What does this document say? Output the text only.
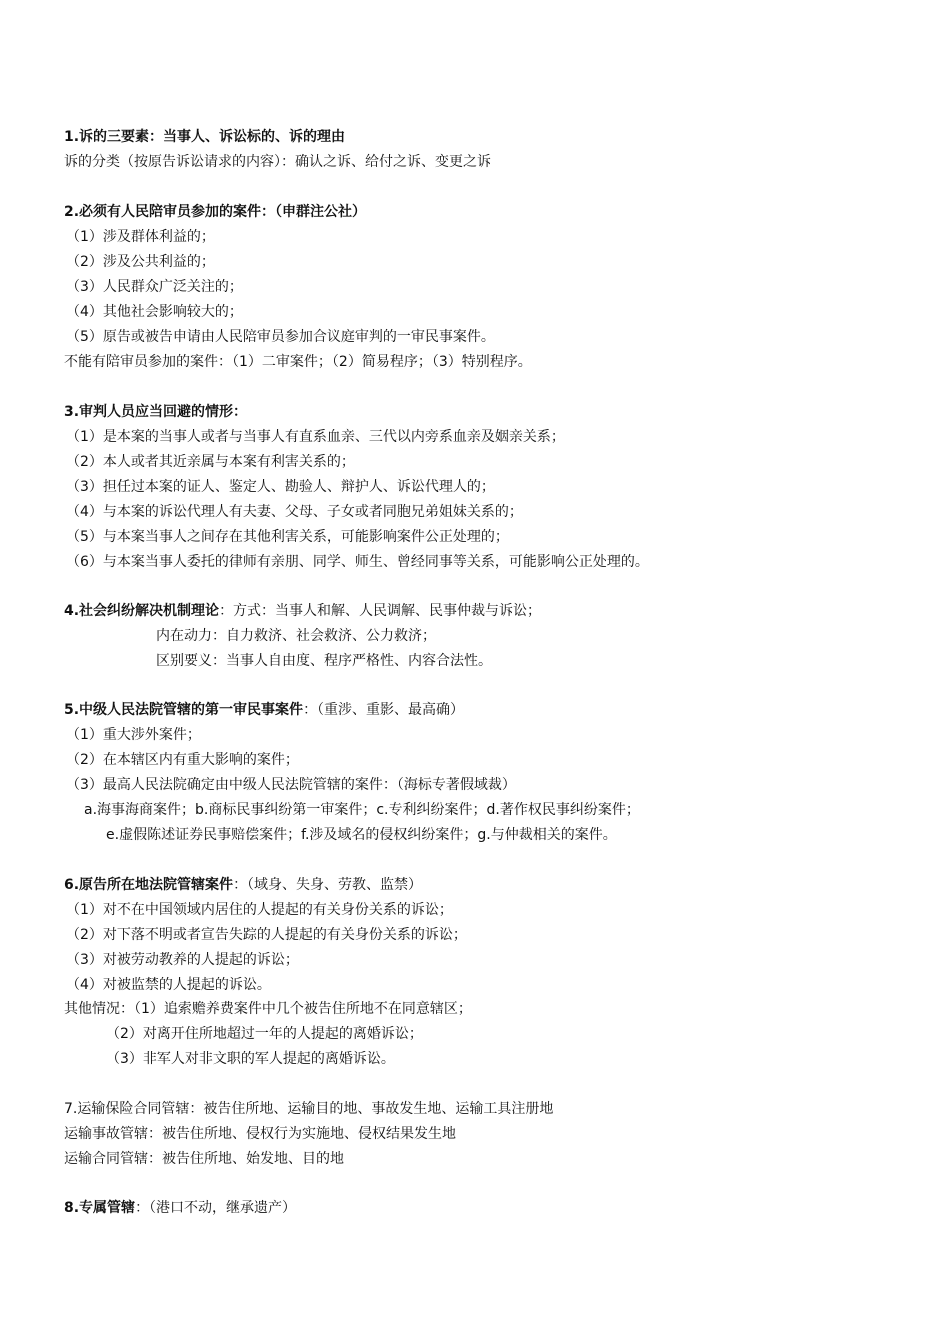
1.诉的三要素：当事人、诉讼标的、诉的理由
诉的分类（按原告诉讼请求的内容）：确认之诉、给付之诉、变更之诉
2.必须有人民陪审员参加的案件：（申群注公社）
（1）涉及群体利益的；
（2）涉及公共利益的；
（3）人民群众广泛关注的；
（4）其他社会影响较大的；
（5）原告或被告申请由人民陪审员参加合议庭审判的一审民事案件。
不能有陪审员参加的案件：（1）二审案件；（2）简易程序；（3）特别程序。
3.审判人员应当回避的情形：
（1）是本案的当事人或者与当事人有直系血亲、三代以内旁系血亲及姻亲关系；
（2）本人或者其近亲属与本案有利害关系的；
（3）担任过本案的证人、鉴定人、勘验人、辩护人、诉讼代理人的；
（4）与本案的诉讼代理人有夫妻、父母、子女或者同胞兄弟姐妹关系的；
（5）与本案当事人之间存在其他利害关系，可能影响案件公正处理的；
（6）与本案当事人委托的律师有亲朋、同学、师生、曾经同事等关系，可能影响公正处理的。
4.社会纠纷解决机制理论：方式：当事人和解、人民调解、民事仲裁与诉讼；
内在动力：自力救济、社会救济、公力救济；
区别要义：当事人自由度、程序严格性、内容合法性。
5.中级人民法院管辖的第一审民事案件：（重涉、重影、最高确）
（1）重大涉外案件；
（2）在本辖区内有重大影响的案件；
（3）最高人民法院确定由中级人民法院管辖的案件：（海标专著假域裁）
a.海事海商案件；b.商标民事纠纷第一审案件；c.专利纠纷案件；d.著作权民事纠纷案件；
e.虚假陈述证券民事赔偿案件；f.涉及域名的侵权纠纷案件；g.与仲裁相关的案件。
6.原告所在地法院管辖案件：（域身、失身、劳教、监禁）
（1）对不在中国领域内居住的人提起的有关身份关系的诉讼；
（2）对下落不明或者宣告失踪的人提起的有关身份关系的诉讼；
（3）对被劳动教养的人提起的诉讼；
（4）对被监禁的人提起的诉讼。
其他情况：（1）追索赡养费案件中几个被告住所地不在同意辖区；
（2）对离开住所地超过一年的人提起的离婚诉讼；
（3）非军人对非文职的军人提起的离婚诉讼。
7.运输保险合同管辖：被告住所地、运输目的地、事故发生地、运输工具注册地
运输事故管辖：被告住所地、侵权行为实施地、侵权结果发生地
运输合同管辖：被告住所地、始发地、目的地
8.专属管辖：（港口不动，继承遗产）
